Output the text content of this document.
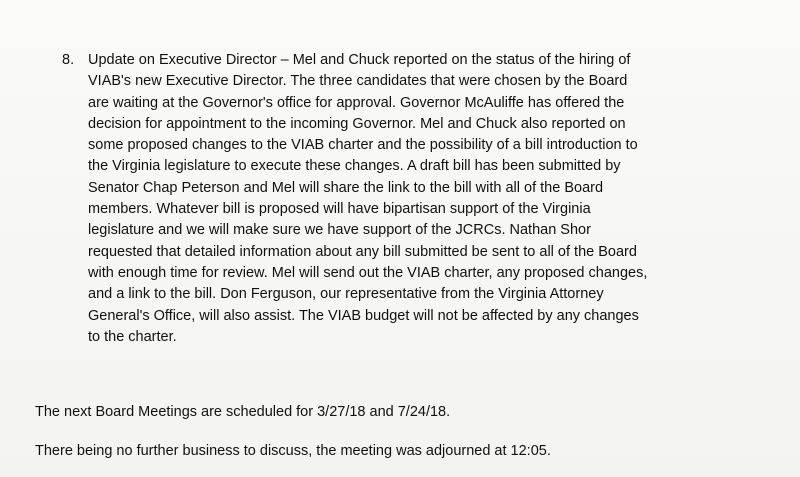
8. Update on Executive Director – Mel and Chuck reported on the status of the hiring of
VIAB's new Executive Director. The three candidates that were chosen by the Board
are waiting at the Governor's office for approval. Governor McAuliffe has offered the
decision for appointment to the incoming Governor. Mel and Chuck also reported on
some proposed changes to the VIAB charter and the possibility of a bill introduction to
the Virginia legislature to execute these changes. A draft bill has been submitted by
Senator Chap Peterson and Mel will share the link to the bill with all of the Board
members. Whatever bill is proposed will have bipartisan support of the Virginia
legislature and we will make sure we have support of the JCRCs. Nathan Shor
requested that detailed information about any bill submitted be sent to all of the Board
with enough time for review. Mel will send out the VIAB charter, any proposed changes,
and a link to the bill. Don Ferguson, our representative from the Virginia Attorney
General's Office, will also assist. The VIAB budget will not be affected by any changes
to the charter.
The next Board Meetings are scheduled for 3/27/18 and 7/24/18.
There being no further business to discuss, the meeting was adjourned at 12:05.
